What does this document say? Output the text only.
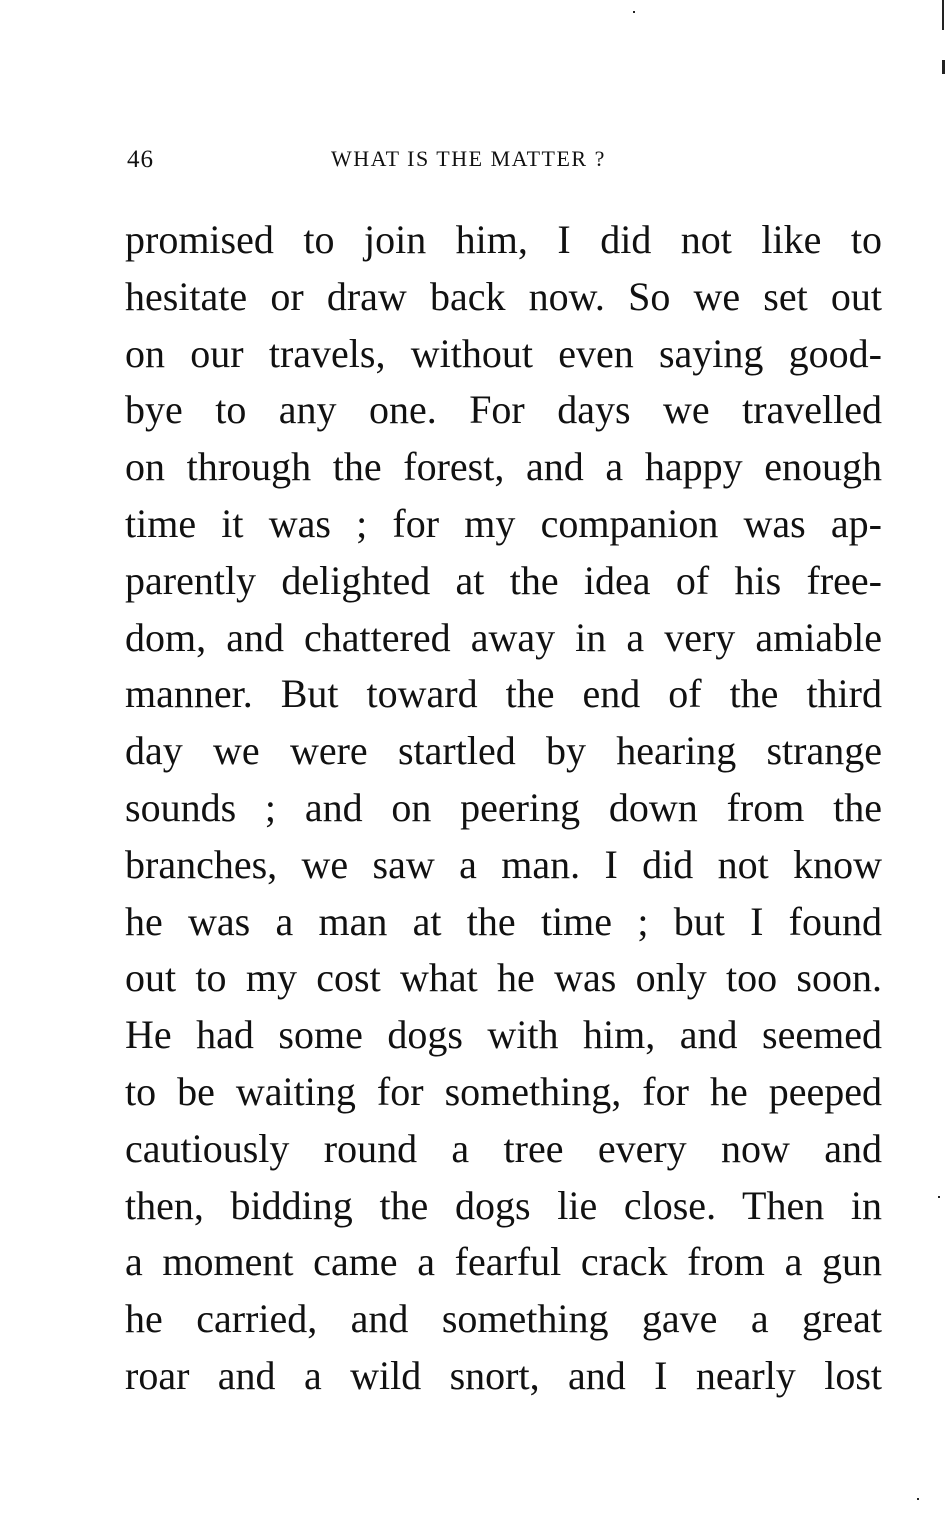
46	WHAT IS THE MATTER ?
promised to join him, I did not like to
hesitate or draw back now. So we set out
on our travels, without even saying good-
bye to any one. For days we travelled
on through the forest, and a happy enough
time it was ; for my companion was ap-
parently delighted at the idea of his free-
dom, and chattered away in a very amiable
manner. But toward the end of the third
day we were startled by hearing strange
sounds ; and on peering down from the
branches, we saw a man. I did not know
he was a man at the time ; but I found
out to my cost what he was only too soon.
He had some dogs with him, and seemed
to be waiting for something, for he peeped
cautiously round a tree every now and
then, bidding the dogs lie close. Then in
a moment came a fearful crack from a gun
he carried, and something gave a great
roar and a wild snort, and I nearly lost
